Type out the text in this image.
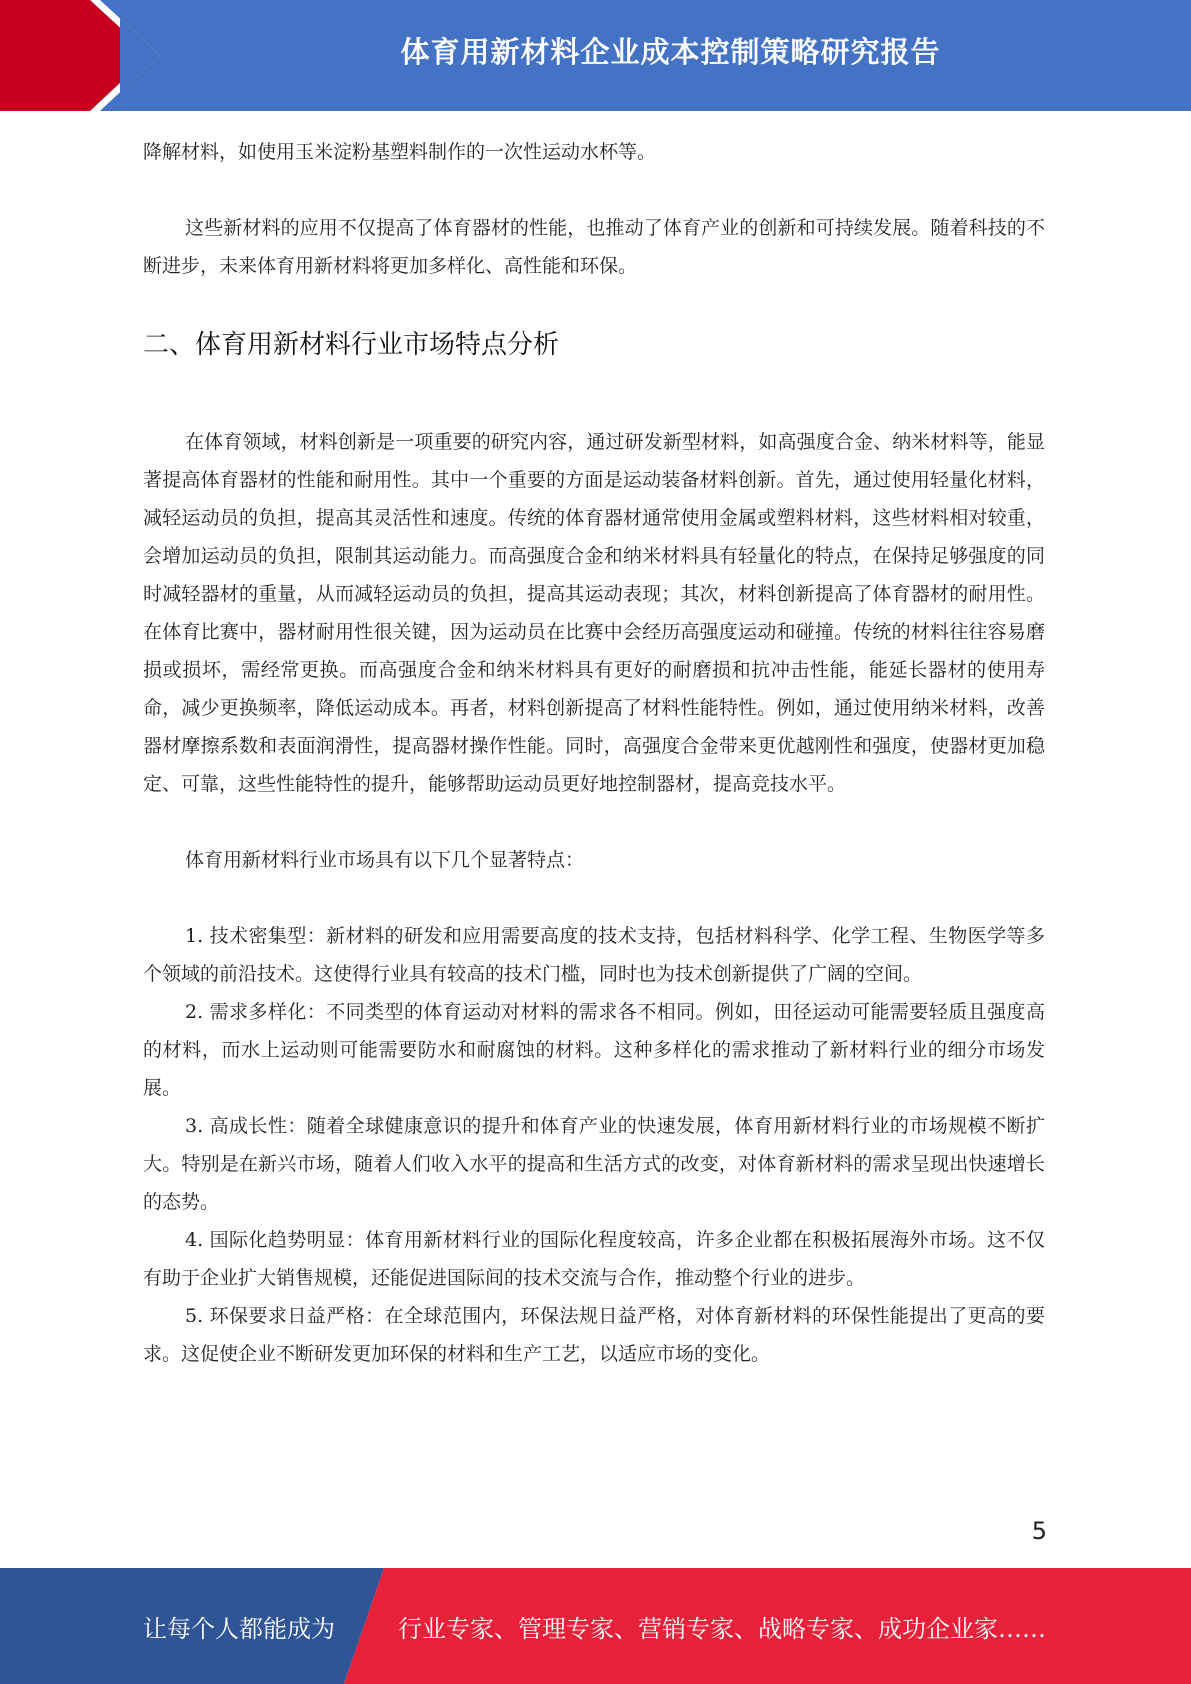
体育用新材料企业成本控制策略研究报告

降解材料，如使用玉米淀粉基塑料制作的一次性运动水杯等。

这些新材料的应用不仅提高了体育器材的性能，也推动了体育产业的创新和可持续发展。随着科技的不断进步，未来体育用新材料将更加多样化、高性能和环保。

二、体育用新材料行业市场特点分析

在体育领域，材料创新是一项重要的研究内容，通过研发新型材料，如高强度合金、纳米材料等，能显著提高体育器材的性能和耐用性。其中一个重要的方面是运动装备材料创新。首先，通过使用轻量化材料，减轻运动员的负担，提高其灵活性和速度。传统的体育器材通常使用金属或塑料材料，这些材料相对较重，会增加运动员的负担，限制其运动能力。而高强度合金和纳米材料具有轻量化的特点，在保持足够强度的同时减轻器材的重量，从而减轻运动员的负担，提高其运动表现；其次，材料创新提高了体育器材的耐用性。在体育比赛中，器材耐用性很关键，因为运动员在比赛中会经历高强度运动和碰撞。传统的材料往往容易磨损或损坏，需经常更换。而高强度合金和纳米材料具有更好的耐磨损和抗冲击性能，能延长器材的使用寿命，减少更换频率，降低运动成本。再者，材料创新提高了材料性能特性。例如，通过使用纳米材料，改善器材摩擦系数和表面润滑性，提高器材操作性能。同时，高强度合金带来更优越刚性和强度，使器材更加稳定、可靠，这些性能特性的提升，能够帮助运动员更好地控制器材，提高竞技水平。

体育用新材料行业市场具有以下几个显著特点：

1. 技术密集型：新材料的研发和应用需要高度的技术支持，包括材料科学、化学工程、生物医学等多个领域的前沿技术。这使得行业具有较高的技术门槛，同时也为技术创新提供了广阔的空间。

2. 需求多样化：不同类型的体育运动对材料的需求各不相同。例如，田径运动可能需要轻质且强度高的材料，而水上运动则可能需要防水和耐腐蚀的材料。这种多样化的需求推动了新材料行业的细分市场发展。

3. 高成长性：随着全球健康意识的提升和体育产业的快速发展，体育用新材料行业的市场规模不断扩大。特别是在新兴市场，随着人们收入水平的提高和生活方式的改变，对体育新材料的需求呈现出快速增长的态势。

4. 国际化趋势明显：体育用新材料行业的国际化程度较高，许多企业都在积极拓展海外市场。这不仅有助于企业扩大销售规模，还能促进国际间的技术交流与合作，推动整个行业的进步。

5. 环保要求日益严格：在全球范围内，环保法规日益严格，对体育新材料的环保性能提出了更高的要求。这促使企业不断研发更加环保的材料和生产工艺，以适应市场的变化。

5
让每个人都能成为	行业专家、管理专家、营销专家、战略专家、成功企业家……
